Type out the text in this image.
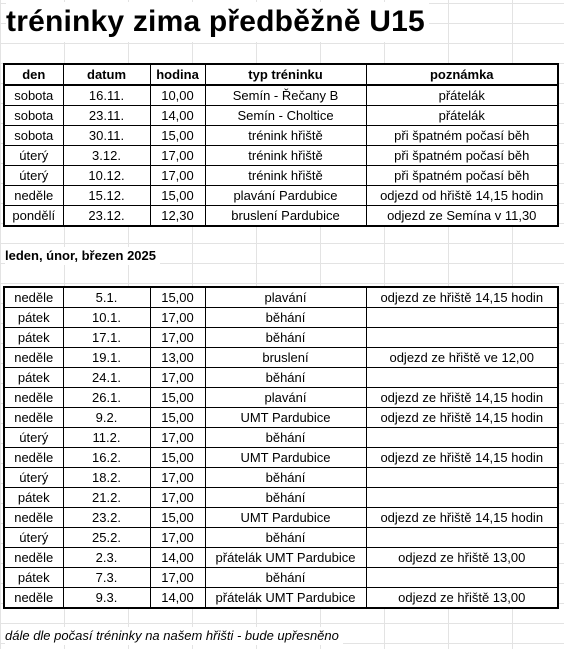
tréninky zima předběžně U15
den	datum	hodina	typ tréninku	poznámka
sobota	16.11.	10,00	Semín - Řečany B	přátelák
sobota	23.11.	14,00	Semín - Choltice	přátelák
sobota	30.11.	15,00	trénink hřiště	při špatném počasí běh
úterý	3.12.	17,00	trénink hřiště	při špatném počasí běh
úterý	10.12.	17,00	trénink hřiště	při špatném počasí běh
neděle	15.12.	15,00	plavání Pardubice	odjezd od hřiště 14,15 hodin
pondělí	23.12.	12,30	bruslení Pardubice	odjezd ze Semína v 11,30
leden, únor, březen 2025
neděle	5.1.	15,00	plavání	odjezd ze hřiště 14,15 hodin
pátek	10.1.	17,00	běhání	
pátek	17.1.	17,00	běhání	
neděle	19.1.	13,00	bruslení	odjezd ze hřiště ve 12,00
pátek	24.1.	17,00	běhání	
neděle	26.1.	15,00	plavání	odjezd ze hřiště 14,15 hodin
neděle	9.2.	15,00	UMT Pardubice	odjezd ze hřiště 14,15 hodin
úterý	11.2.	17,00	běhání	
neděle	16.2.	15,00	UMT Pardubice	odjezd ze hřiště 14,15 hodin
úterý	18.2.	17,00	běhání	
pátek	21.2.	17,00	běhání	
neděle	23.2.	15,00	UMT Pardubice	odjezd ze hřiště 14,15 hodin
úterý	25.2.	17,00	běhání	
neděle	2.3.	14,00	přátelák UMT Pardubice	odjezd ze hřiště 13,00
pátek	7.3.	17,00	běhání	
neděle	9.3.	14,00	přátelák UMT Pardubice	odjezd ze hřiště 13,00
dále dle počasí tréninky na našem hřišti - bude upřesněno
